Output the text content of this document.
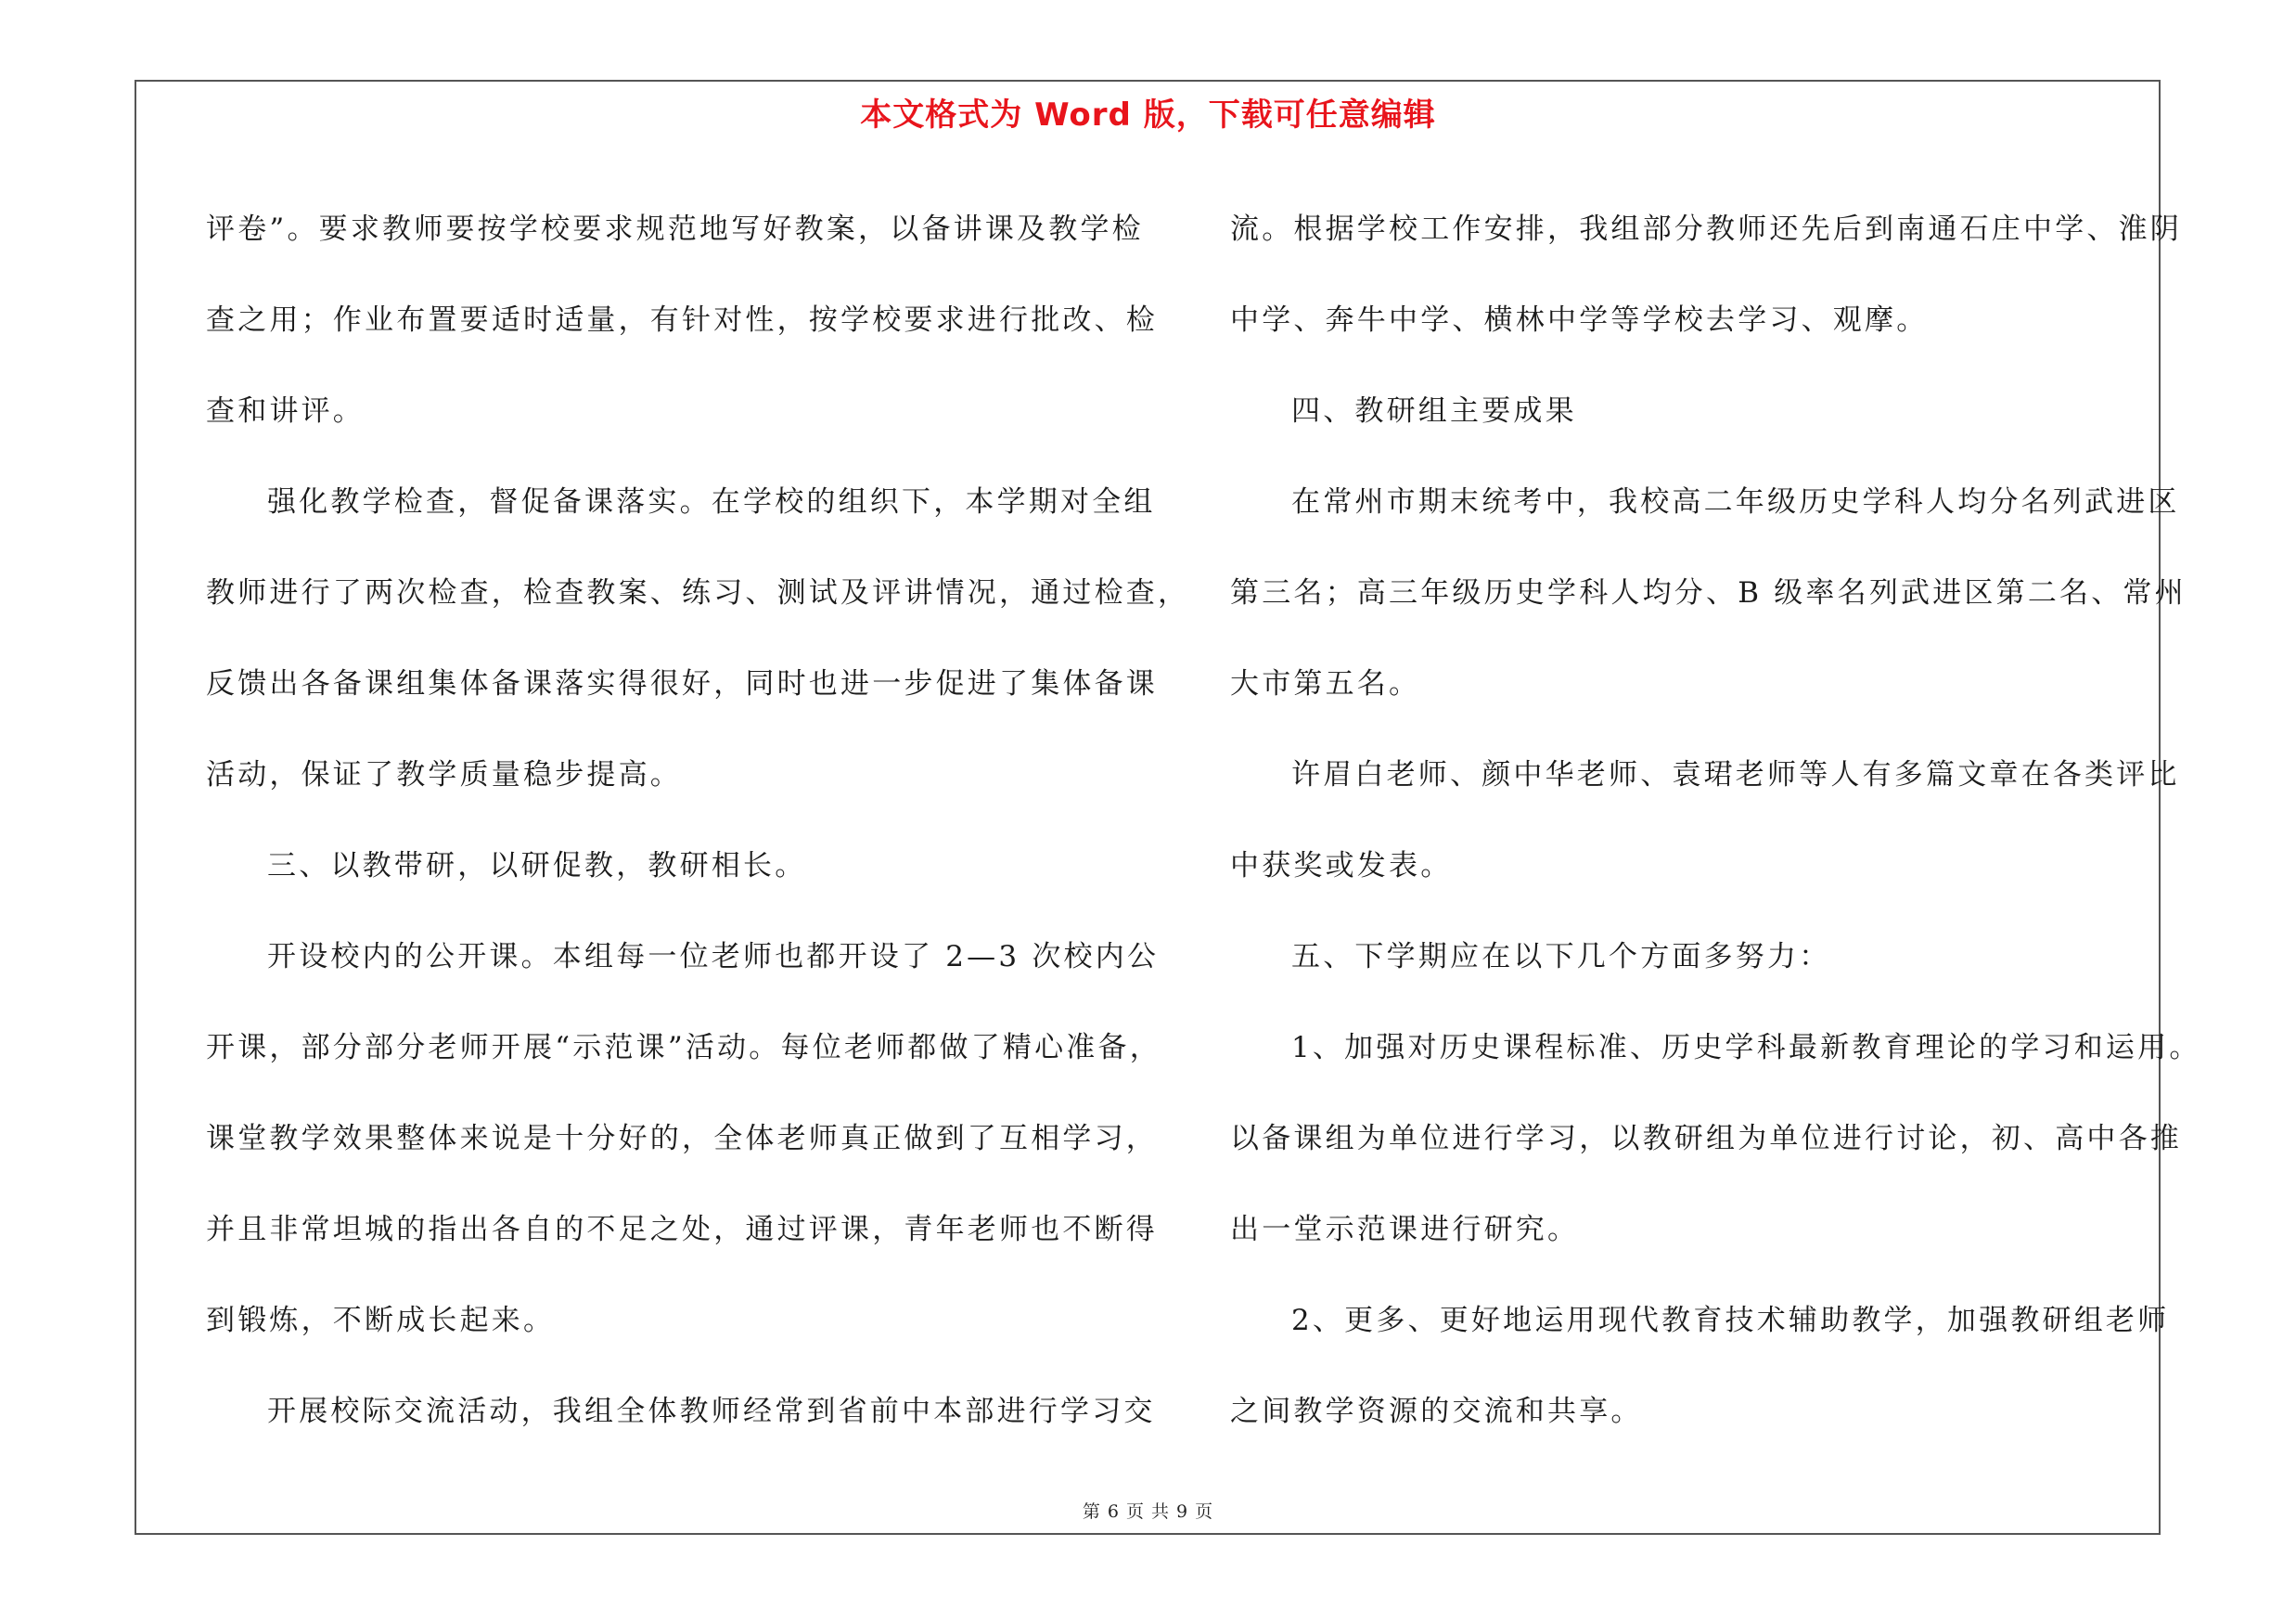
本文格式为 Word 版，下载可任意编辑

评卷”。要求教师要按学校要求规范地写好教案，以备讲课及教学检

查之用；作业布置要适时适量，有针对性，按学校要求进行批改、检

查和讲评。

强化教学检查，督促备课落实。在学校的组织下，本学期对全组

教师进行了两次检查，检查教案、练习、测试及评讲情况，通过检查，

反馈出各备课组集体备课落实得很好，同时也进一步促进了集体备课

活动，保证了教学质量稳步提高。

三、以教带研，以研促教，教研相长。

开设校内的公开课。本组每一位老师也都开设了 2—3 次校内公

开课，部分部分老师开展“示范课”活动。每位老师都做了精心准备，

课堂教学效果整体来说是十分好的，全体老师真正做到了互相学习，

并且非常坦城的指出各自的不足之处，通过评课，青年老师也不断得

到锻炼，不断成长起来。

开展校际交流活动，我组全体教师经常到省前中本部进行学习交

流。根据学校工作安排，我组部分教师还先后到南通石庄中学、淮阴

中学、奔牛中学、横林中学等学校去学习、观摩。

四、教研组主要成果

在常州市期末统考中，我校高二年级历史学科人均分名列武进区

第三名；高三年级历史学科人均分、B 级率名列武进区第二名、常州

大市第五名。

许眉白老师、颜中华老师、袁珺老师等人有多篇文章在各类评比

中获奖或发表。

五、下学期应在以下几个方面多努力：

1、加强对历史课程标准、历史学科最新教育理论的学习和运用。

以备课组为单位进行学习，以教研组为单位进行讨论，初、高中各推

出一堂示范课进行研究。

2、更多、更好地运用现代教育技术辅助教学，加强教研组老师

之间教学资源的交流和共享。

第 6 页 共 9 页
